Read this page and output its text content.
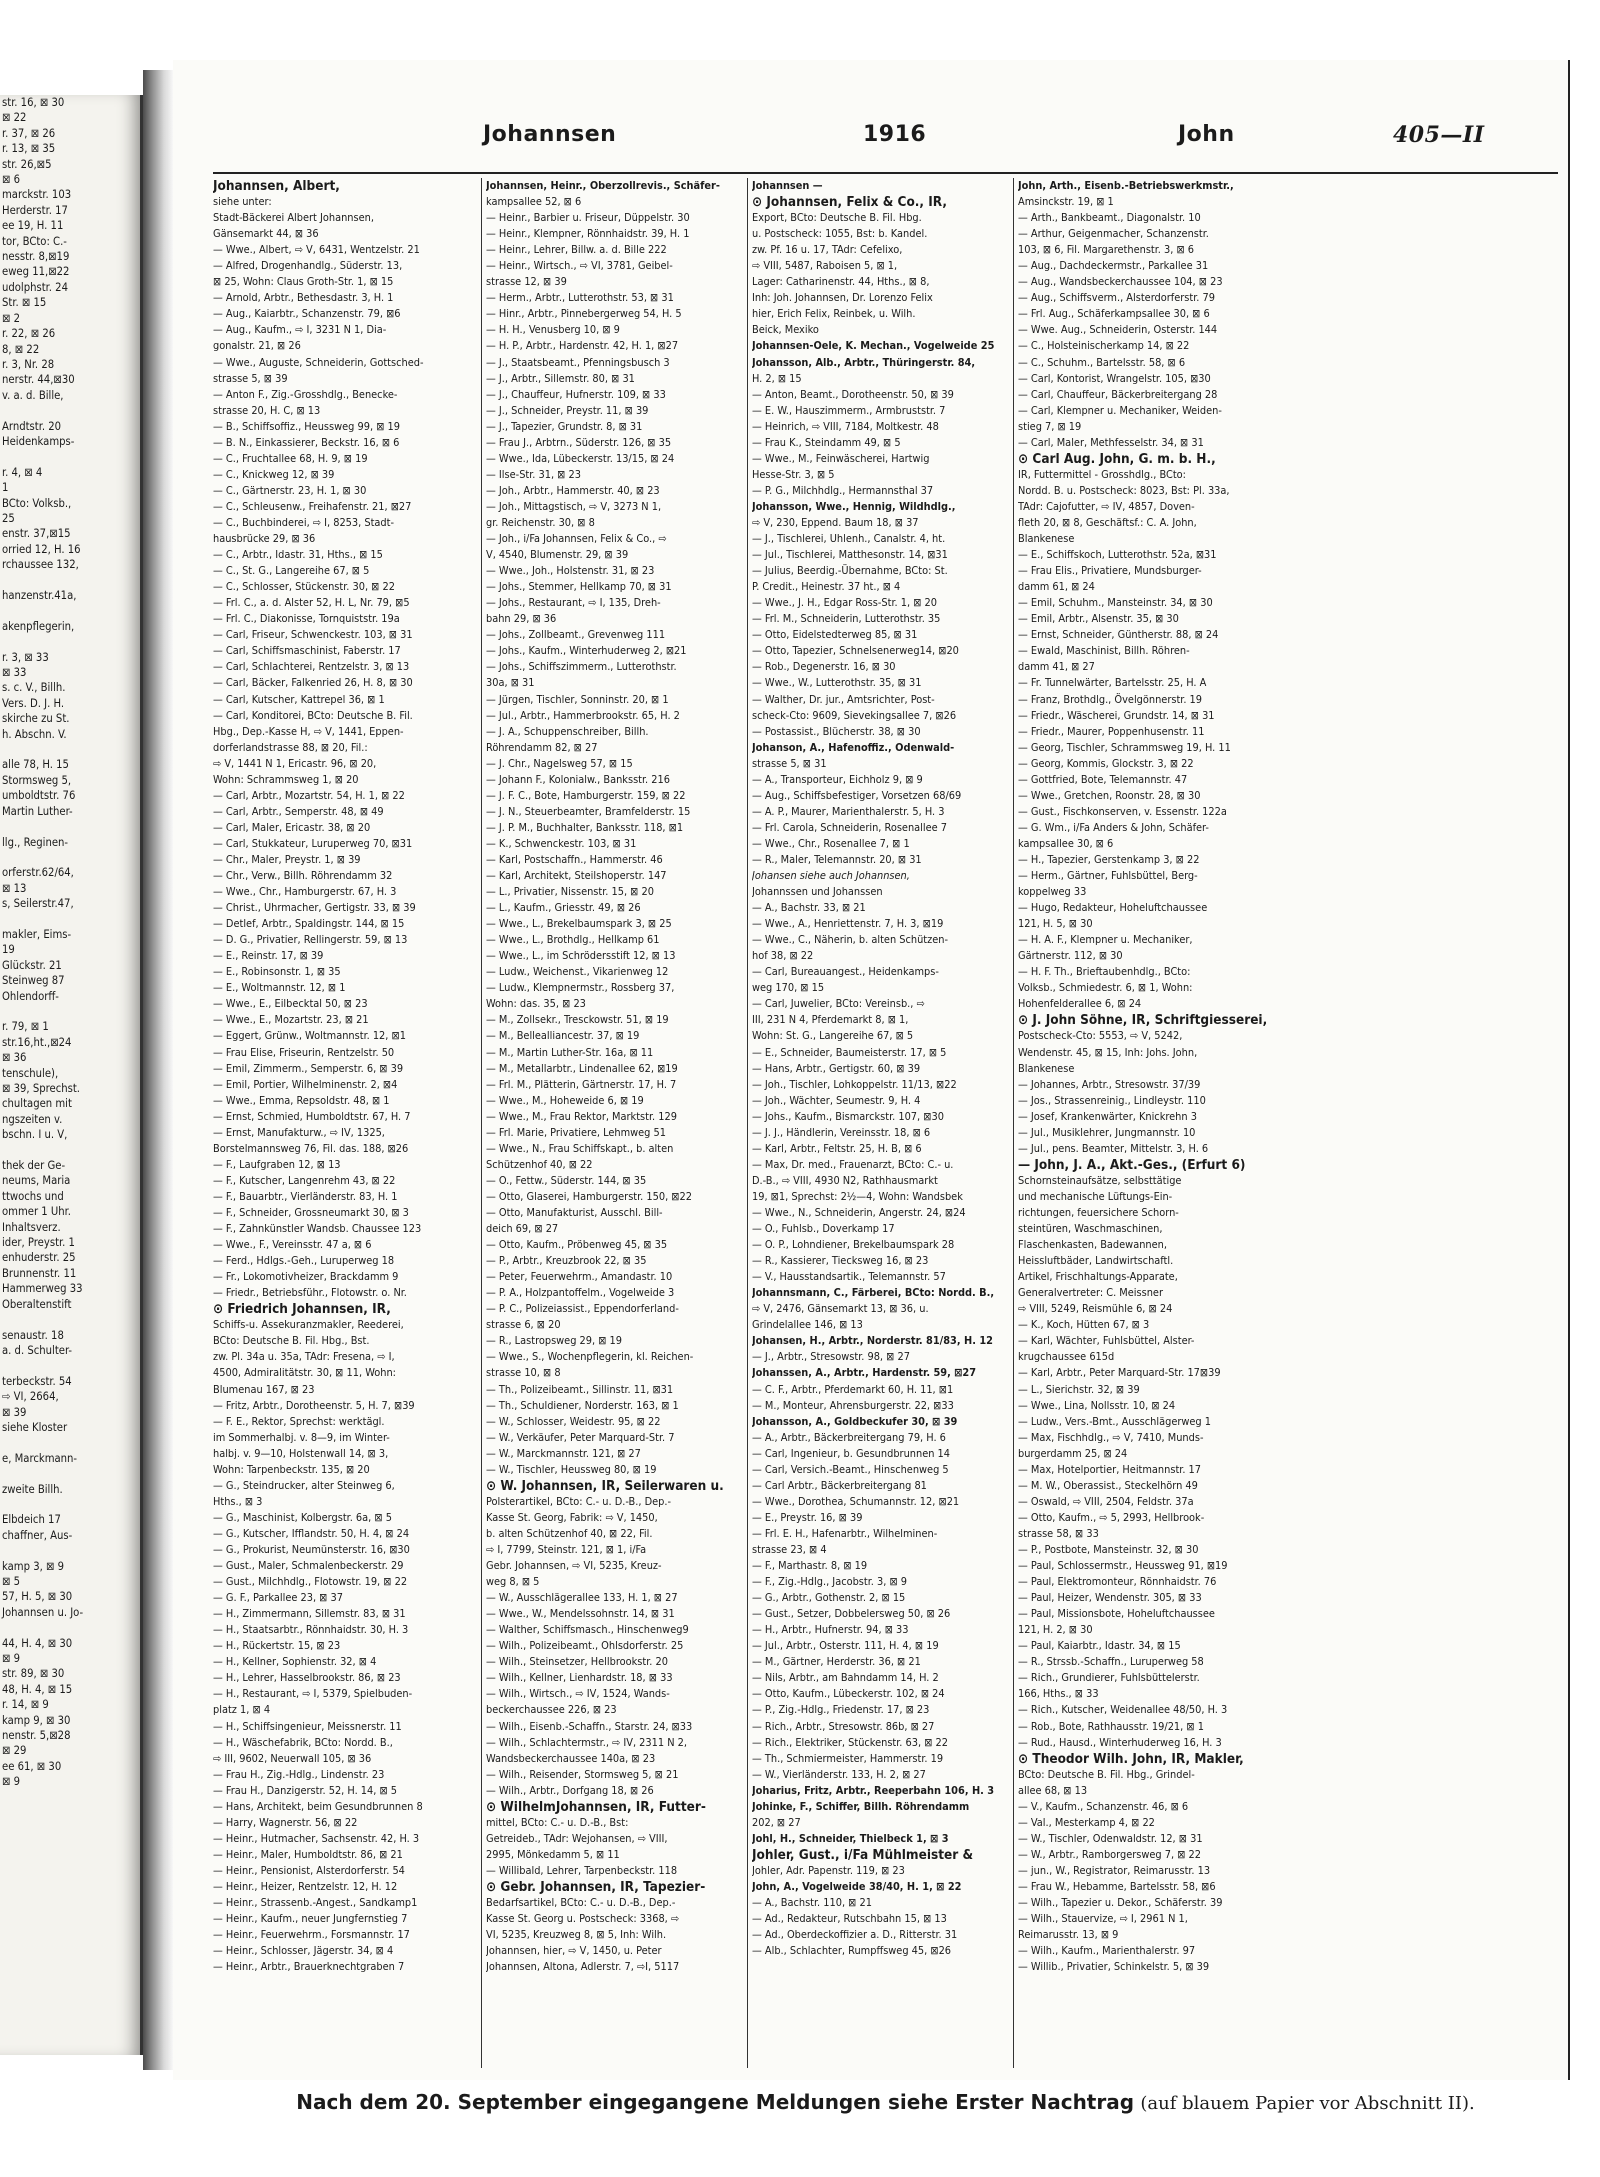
str. 16, ⊠ 30
⊠ 22
r. 37, ⊠ 26
r. 13, ⊠ 35
str. 26,⊠5
⊠ 6
marckstr. 103
Herderstr. 17
ee 19, H. 11
tor, BCto: C.-
nesstr. 8,⊠19
eweg 11,⊠22
udolphstr. 24
Str. ⊠ 15
⊠ 2
r. 22, ⊠ 26
8, ⊠ 22
r. 3, Nr. 28
nerstr. 44,⊠30
v. a. d. Bille,

Arndtstr. 20
Heidenkamps-

r. 4, ⊠ 4
1
BCto: Volksb.,
25
enstr. 37,⊠15
orried 12, H. 16
rchaussee 132,

hanzenstr.41a,

akenpflegerin,

r. 3, ⊠ 33
⊠ 33
s. c. V., Billh.
Vers. D. J. H.
skirche zu St.
h. Abschn. V.

alle 78, H. 15
Stormsweg 5,
umboldtstr. 76
Martin Luther-

llg., Reginen-

orferstr.62/64,
⊠ 13
s, Seilerstr.47,

makler, Eims-
19
Glückstr. 21
Steinweg 87
Ohlendorff-

r. 79, ⊠ 1
str.16,ht.,⊠24
⊠ 36
tenschule),
⊠ 39, Sprechst.
chultagen mit
ngszeiten v.
bschn. I u. V,

thek der Ge-
neums, Maria
ttwochs und
ommer 1 Uhr.
Inhaltsverz.
ider, Preystr. 1
enhuderstr. 25
Brunnenstr. 11
Hammerweg 33
Oberaltenstift

senaustr. 18
a. d. Schulter-

terbeckstr. 54
⇨ VI, 2664,
⊠ 39
siehe Kloster

e, Marckmann-

zweite Billh.

Elbdeich 17
chaffner, Aus-

kamp 3, ⊠ 9
⊠ 5
57, H. 5, ⊠ 30
Johannsen u. Jo-

44, H. 4, ⊠ 30
⊠ 9
str. 89, ⊠ 30
48, H. 4, ⊠ 15
r. 14, ⊠ 9
kamp 9, ⊠ 30
nenstr. 5,⊠28
⊠ 29
ee 61, ⊠ 30
⊠ 9
Johannsen	1916	John	405—II
Johannsen, Albert,
siehe unter:
Stadt-Bäckerei Albert Johannsen,
Gänsemarkt 44, ⊠ 36
— Wwe., Albert, ⇨ V, 6431, Wentzelstr. 21
— Alfred, Drogenhandlg., Süderstr. 13,
⊠ 25, Wohn: Claus Groth-Str. 1, ⊠ 15
— Arnold, Arbtr., Bethesdastr. 3, H. 1
— Aug., Kaiarbtr., Schanzenstr. 79, ⊠6
— Aug., Kaufm., ⇨ I, 3231 N 1, Dia-
gonalstr. 21, ⊠ 26
— Wwe., Auguste, Schneiderin, Gottsched-
strasse 5, ⊠ 39
— Anton F., Zig.-Grosshdlg., Benecke-
strasse 20, H. C, ⊠ 13
— B., Schiffsoffiz., Heussweg 99, ⊠ 19
— B. N., Einkassierer, Beckstr. 16, ⊠ 6
— C., Fruchtallee 68, H. 9, ⊠ 19
— C., Knickweg 12, ⊠ 39
— C., Gärtnerstr. 23, H. 1, ⊠ 30
— C., Schleusenw., Freihafenstr. 21, ⊠27
— C., Buchbinderei, ⇨ I, 8253, Stadt-
hausbrücke 29, ⊠ 36
— C., Arbtr., Idastr. 31, Hths., ⊠ 15
— C., St. G., Langereihe 67, ⊠ 5
— C., Schlosser, Stückenstr. 30, ⊠ 22
— Frl. C., a. d. Alster 52, H. L, Nr. 79, ⊠5
— Frl. C., Diakonisse, Tornquiststr. 19a
— Carl, Friseur, Schwenckestr. 103, ⊠ 31
— Carl, Schiffsmaschinist, Faberstr. 17
— Carl, Schlachterei, Rentzelstr. 3, ⊠ 13
— Carl, Bäcker, Falkenried 26, H. 8, ⊠ 30
— Carl, Kutscher, Kattrepel 36, ⊠ 1
— Carl, Konditorei, BCto: Deutsche B. Fil.
Hbg., Dep.-Kasse H, ⇨ V, 1441, Eppen-
dorferlandstrasse 88, ⊠ 20, Fil.:
⇨ V, 1441 N 1, Ericastr. 96, ⊠ 20,
Wohn: Schrammsweg 1, ⊠ 20
— Carl, Arbtr., Mozartstr. 54, H. 1, ⊠ 22
— Carl, Arbtr., Semperstr. 48, ⊠ 49
— Carl, Maler, Ericastr. 38, ⊠ 20
— Carl, Stukkateur, Luruperweg 70, ⊠31
— Chr., Maler, Preystr. 1, ⊠ 39
— Chr., Verw., Billh. Röhrendamm 32
— Wwe., Chr., Hamburgerstr. 67, H. 3
— Christ., Uhrmacher, Gertigstr. 33, ⊠ 39
— Detlef, Arbtr., Spaldingstr. 144, ⊠ 15
— D. G., Privatier, Rellingerstr. 59, ⊠ 13
— E., Reinstr. 17, ⊠ 39
— E., Robinsonstr. 1, ⊠ 35
— E., Woltmannstr. 12, ⊠ 1
— Wwe., E., Eilbecktal 50, ⊠ 23
— Wwe., E., Mozartstr. 23, ⊠ 21
— Eggert, Grünw., Woltmannstr. 12, ⊠1
— Frau Elise, Friseurin, Rentzelstr. 50
— Emil, Zimmerm., Semperstr. 6, ⊠ 39
— Emil, Portier, Wilhelminenstr. 2, ⊠4
— Wwe., Emma, Repsoldstr. 48, ⊠ 1
— Ernst, Schmied, Humboldtstr. 67, H. 7
— Ernst, Manufakturw., ⇨ IV, 1325,
Borstelmannsweg 76, Fil. das. 188, ⊠26
— F., Laufgraben 12, ⊠ 13
— F., Kutscher, Langenrehm 43, ⊠ 22
— F., Bauarbtr., Vierländerstr. 83, H. 1
— F., Schneider, Grossneumarkt 30, ⊠ 3
— F., Zahnkünstler Wandsb. Chaussee 123
— Wwe., F., Vereinsstr. 47 a, ⊠ 6
— Ferd., Hdlgs.-Geh., Luruperweg 18
— Fr., Lokomotivheizer, Brackdamm 9
— Friedr., Betriebsführ., Flotowstr. o. Nr.
⊙ Friedrich Johannsen, IR,
Schiffs-u. Assekuranzmakler, Reederei,
BCto: Deutsche B. Fil. Hbg., Bst.
zw. Pl. 34a u. 35a, TAdr: Fresena, ⇨ I,
4500, Admiralitätstr. 30, ⊠ 11, Wohn:
Blumenau 167, ⊠ 23
— Fritz, Arbtr., Dorotheenstr. 5, H. 7, ⊠39
— F. E., Rektor, Sprechst: werktägl.
im Sommerhalbj. v. 8—9, im Winter-
halbj. v. 9—10, Holstenwall 14, ⊠ 3,
Wohn: Tarpenbeckstr. 135, ⊠ 20
— G., Steindrucker, alter Steinweg 6,
Hths., ⊠ 3
— G., Maschinist, Kolbergstr. 6a, ⊠ 5
— G., Kutscher, Ifflandstr. 50, H. 4, ⊠ 24
— G., Prokurist, Neumünsterstr. 16, ⊠30
— Gust., Maler, Schmalenbeckerstr. 29
— Gust., Milchhdlg., Flotowstr. 19, ⊠ 22
— G. F., Parkallee 23, ⊠ 37
— H., Zimmermann, Sillemstr. 83, ⊠ 31
— H., Staatsarbtr., Rönnhaidstr. 30, H. 3
— H., Rückertstr. 15, ⊠ 23
— H., Kellner, Sophienstr. 32, ⊠ 4
— H., Lehrer, Hasselbrookstr. 86, ⊠ 23
— H., Restaurant, ⇨ I, 5379, Spielbuden-
platz 1, ⊠ 4
— H., Schiffsingenieur, Meissnerstr. 11
— H., Wäschefabrik, BCto: Nordd. B.,
⇨ III, 9602, Neuerwall 105, ⊠ 36
— Frau H., Zig.-Hdlg., Lindenstr. 23
— Frau H., Danzigerstr. 52, H. 14, ⊠ 5
— Hans, Architekt, beim Gesundbrunnen 8
— Harry, Wagnerstr. 56, ⊠ 22
— Heinr., Hutmacher, Sachsenstr. 42, H. 3
— Heinr., Maler, Humboldtstr. 86, ⊠ 21
— Heinr., Pensionist, Alsterdorferstr. 54
— Heinr., Heizer, Rentzelstr. 12, H. 12
— Heinr., Strassenb.-Angest., Sandkamp1
— Heinr., Kaufm., neuer Jungfernstieg 7
— Heinr., Feuerwehrm., Forsmannstr. 17
— Heinr., Schlosser, Jägerstr. 34, ⊠ 4
— Heinr., Arbtr., Brauerknechtgraben 7
Johannsen, Heinr., Oberzollrevis., Schäfer-
kampsallee 52, ⊠ 6
— Heinr., Barbier u. Friseur, Düppelstr. 30
— Heinr., Klempner, Rönnhaidstr. 39, H. 1
— Heinr., Lehrer, Billw. a. d. Bille 222
— Heinr., Wirtsch., ⇨ VI, 3781, Geibel-
strasse 12, ⊠ 39
— Herm., Arbtr., Lutterothstr. 53, ⊠ 31
— Hinr., Arbtr., Pinnebergerweg 54, H. 5
— H. H., Venusberg 10, ⊠ 9
— H. P., Arbtr., Hardenstr. 42, H. 1, ⊠27
— J., Staatsbeamt., Pfenningsbusch 3
— J., Arbtr., Sillemstr. 80, ⊠ 31
— J., Chauffeur, Hufnerstr. 109, ⊠ 33
— J., Schneider, Preystr. 11, ⊠ 39
— J., Tapezier, Grundstr. 8, ⊠ 31
— Frau J., Arbtrn., Süderstr. 126, ⊠ 35
— Wwe., Ida, Lübeckerstr. 13/15, ⊠ 24
— Ilse-Str. 31, ⊠ 23
— Joh., Arbtr., Hammerstr. 40, ⊠ 23
— Joh., Mittagstisch, ⇨ V, 3273 N 1,
gr. Reichenstr. 30, ⊠ 8
— Joh., i/Fa Johannsen, Felix & Co., ⇨
V, 4540, Blumenstr. 29, ⊠ 39
— Wwe., Joh., Holstenstr. 31, ⊠ 23
— Johs., Stemmer, Hellkamp 70, ⊠ 31
— Johs., Restaurant, ⇨ I, 135, Dreh-
bahn 29, ⊠ 36
— Johs., Zollbeamt., Grevenweg 111
— Johs., Kaufm., Winterhuderweg 2, ⊠21
— Johs., Schiffszimmerm., Lutterothstr.
30a, ⊠ 31
— Jürgen, Tischler, Sonninstr. 20, ⊠ 1
— Jul., Arbtr., Hammerbrookstr. 65, H. 2
— J. A., Schuppenschreiber, Billh.
Röhrendamm 82, ⊠ 27
— J. Chr., Nagelsweg 57, ⊠ 15
— Johann F., Kolonialw., Banksstr. 216
— J. F. C., Bote, Hamburgerstr. 159, ⊠ 22
— J. N., Steuerbeamter, Bramfelderstr. 15
— J. P. M., Buchhalter, Banksstr. 118, ⊠1
— K., Schwenckestr. 103, ⊠ 31
— Karl, Postschaffn., Hammerstr. 46
— Karl, Architekt, Steilshoperstr. 147
— L., Privatier, Nissenstr. 15, ⊠ 20
— L., Kaufm., Griesstr. 49, ⊠ 26
— Wwe., L., Brekelbaumspark 3, ⊠ 25
— Wwe., L., Brothdlg., Hellkamp 61
— Wwe., L., im Schrödersstift 12, ⊠ 13
— Ludw., Weichenst., Vikarienweg 12
— Ludw., Klempnermstr., Rossberg 37,
Wohn: das. 35, ⊠ 23
— M., Zollsekr., Tresckowstr. 51, ⊠ 19
— M., Bellealliancestr. 37, ⊠ 19
— M., Martin Luther-Str. 16a, ⊠ 11
— M., Metallarbtr., Lindenallee 62, ⊠19
— Frl. M., Plätterin, Gärtnerstr. 17, H. 7
— Wwe., M., Hoheweide 6, ⊠ 19
— Wwe., M., Frau Rektor, Marktstr. 129
— Frl. Marie, Privatiere, Lehmweg 51
— Wwe., N., Frau Schiffskapt., b. alten
Schützenhof 40, ⊠ 22
— O., Fettw., Süderstr. 144, ⊠ 35
— Otto, Glaserei, Hamburgerstr. 150, ⊠22
— Otto, Manufakturist, Ausschl. Bill-
deich 69, ⊠ 27
— Otto, Kaufm., Pröbenweg 45, ⊠ 35
— P., Arbtr., Kreuzbrook 22, ⊠ 35
— Peter, Feuerwehrm., Amandastr. 10
— P. A., Holzpantoffelm., Vogelweide 3
— P. C., Polizeiassist., Eppendorferland-
strasse 6, ⊠ 20
— R., Lastropsweg 29, ⊠ 19
— Wwe., S., Wochenpflegerin, kl. Reichen-
strasse 10, ⊠ 8
— Th., Polizeibeamt., Sillinstr. 11, ⊠31
— Th., Schuldiener, Norderstr. 163, ⊠ 1
— W., Schlosser, Weidestr. 95, ⊠ 22
— W., Verkäufer, Peter Marquard-Str. 7
— W., Marckmannstr. 121, ⊠ 27
— W., Tischler, Heussweg 80, ⊠ 19
⊙ W. Johannsen, IR, Seilerwaren u.
Polsterartikel, BCto: C.- u. D.-B., Dep.-
Kasse St. Georg, Fabrik: ⇨ V, 1450,
b. alten Schützenhof 40, ⊠ 22, Fil.
⇨ I, 7799, Steinstr. 121, ⊠ 1, i/Fa
Gebr. Johannsen, ⇨ VI, 5235, Kreuz-
weg 8, ⊠ 5
— W., Ausschlägerallee 133, H. 1, ⊠ 27
— Wwe., W., Mendelssohnstr. 14, ⊠ 31
— Walther, Schiffsmasch., Hinschenweg9
— Wilh., Polizeibeamt., Ohlsdorferstr. 25
— Wilh., Steinsetzer, Hellbrookstr. 20
— Wilh., Kellner, Lienhardstr. 18, ⊠ 33
— Wilh., Wirtsch., ⇨ IV, 1524, Wands-
beckerchaussee 226, ⊠ 23
— Wilh., Eisenb.-Schaffn., Starstr. 24, ⊠33
— Wilh., Schlachtermstr., ⇨ IV, 2311 N 2,
Wandsbeckerchaussee 140a, ⊠ 23
— Wilh., Reisender, Stormsweg 5, ⊠ 21
— Wilh., Arbtr., Dorfgang 18, ⊠ 26
⊙ WilhelmJohannsen, IR, Futter-
mittel, BCto: C.- u. D.-B., Bst:
Getreideb., TAdr: Wejohansen, ⇨ VIII,
2995, Mönkedamm 5, ⊠ 11
— Willibald, Lehrer, Tarpenbeckstr. 118
⊙ Gebr. Johannsen, IR, Tapezier-
Bedarfsartikel, BCto: C.- u. D.-B., Dep.-
Kasse St. Georg u. Postscheck: 3368, ⇨
VI, 5235, Kreuzweg 8, ⊠ 5, Inh: Wilh.
Johannsen, hier, ⇨ V, 1450, u. Peter
Johannsen, Altona, Adlerstr. 7, ⇨I, 5117
Johannsen —
⊙ Johannsen, Felix & Co., IR,
Export, BCto: Deutsche B. Fil. Hbg.
u. Postscheck: 1055, Bst: b. Kandel.
zw. Pf. 16 u. 17, TAdr: Cefelixo,
⇨ VIII, 5487, Raboisen 5, ⊠ 1,
Lager: Catharinenstr. 44, Hths., ⊠ 8,
Inh: Joh. Johannsen, Dr. Lorenzo Felix
hier, Erich Felix, Reinbek, u. Wilh.
Beick, Mexiko
Johannsen-Oele, K. Mechan., Vogelweide 25
Johansson, Alb., Arbtr., Thüringerstr. 84,
H. 2, ⊠ 15
— Anton, Beamt., Dorotheenstr. 50, ⊠ 39
— E. W., Hauszimmerm., Armbruststr. 7
— Heinrich, ⇨ VIII, 7184, Moltkestr. 48
— Frau K., Steindamm 49, ⊠ 5
— Wwe., M., Feinwäscherei, Hartwig
Hesse-Str. 3, ⊠ 5
— P. G., Milchhdlg., Hermannsthal 37
Johansson, Wwe., Hennig, Wildhdlg.,
⇨ V, 230, Eppend. Baum 18, ⊠ 37
— J., Tischlerei, Uhlenh., Canalstr. 4, ht.
— Jul., Tischlerei, Matthesonstr. 14, ⊠31
— Julius, Beerdig.-Übernahme, BCto: St.
P. Credit., Heinestr. 37 ht., ⊠ 4
— Wwe., J. H., Edgar Ross-Str. 1, ⊠ 20
— Frl. M., Schneiderin, Lutterothstr. 35
— Otto, Eidelstedterweg 85, ⊠ 31
— Otto, Tapezier, Schnelsenerweg14, ⊠20
— Rob., Degenerstr. 16, ⊠ 30
— Wwe., W., Lutterothstr. 35, ⊠ 31
— Walther, Dr. jur., Amtsrichter, Post-
scheck-Cto: 9609, Sievekingsallee 7, ⊠26
— Postassist., Blücherstr. 38, ⊠ 30
Johanson, A., Hafenoffiz., Odenwald-
strasse 5, ⊠ 31
— A., Transporteur, Eichholz 9, ⊠ 9
— Aug., Schiffsbefestiger, Vorsetzen 68/69
— A. P., Maurer, Marienthalerstr. 5, H. 3
— Frl. Carola, Schneiderin, Rosenallee 7
— Wwe., Chr., Rosenallee 7, ⊠ 1
— R., Maler, Telemannstr. 20, ⊠ 31
Johansen siehe auch Johannsen,
Johannssen und Johanssen
— A., Bachstr. 33, ⊠ 21
— Wwe., A., Henriettenstr. 7, H. 3, ⊠19
— Wwe., C., Näherin, b. alten Schützen-
hof 38, ⊠ 22
— Carl, Bureauangest., Heidenkamps-
weg 170, ⊠ 15
— Carl, Juwelier, BCto: Vereinsb., ⇨
III, 231 N 4, Pferdemarkt 8, ⊠ 1,
Wohn: St. G., Langereihe 67, ⊠ 5
— E., Schneider, Baumeisterstr. 17, ⊠ 5
— Hans, Arbtr., Gertigstr. 60, ⊠ 39
— Joh., Tischler, Lohkoppelstr. 11/13, ⊠22
— Joh., Wächter, Seumestr. 9, H. 4
— Johs., Kaufm., Bismarckstr. 107, ⊠30
— J. J., Händlerin, Vereinsstr. 18, ⊠ 6
— Karl, Arbtr., Feltstr. 25, H. B, ⊠ 6
— Max, Dr. med., Frauenarzt, BCto: C.- u.
D.-B., ⇨ VIII, 4930 N2, Rathhausmarkt
19, ⊠1, Sprechst: 2½—4, Wohn: Wandsbek
— Wwe., N., Schneiderin, Angerstr. 24, ⊠24
— O., Fuhlsb., Doverkamp 17
— O. P., Lohndiener, Brekelbaumspark 28
— R., Kassierer, Tiecksweg 16, ⊠ 23
— V., Hausstandsartik., Telemannstr. 57
Johannsmann, C., Färberei, BCto: Nordd. B.,
⇨ V, 2476, Gänsemarkt 13, ⊠ 36, u.
Grindelallee 146, ⊠ 13
Johansen, H., Arbtr., Norderstr. 81/83, H. 12
— J., Arbtr., Stresowstr. 98, ⊠ 27
Johanssen, A., Arbtr., Hardenstr. 59, ⊠27
— C. F., Arbtr., Pferdemarkt 60, H. 11, ⊠1
— M., Monteur, Ahrensburgerstr. 22, ⊠33
Johansson, A., Goldbeckufer 30, ⊠ 39
— A., Arbtr., Bäckerbreitergang 79, H. 6
— Carl, Ingenieur, b. Gesundbrunnen 14
— Carl, Versich.-Beamt., Hinschenweg 5
— Carl Arbtr., Bäckerbreitergang 81
— Wwe., Dorothea, Schumannstr. 12, ⊠21
— E., Preystr. 16, ⊠ 39
— Frl. E. H., Hafenarbtr., Wilhelminen-
strasse 23, ⊠ 4
— F., Marthastr. 8, ⊠ 19
— F., Zig.-Hdlg., Jacobstr. 3, ⊠ 9
— G., Arbtr., Gothenstr. 2, ⊠ 15
— Gust., Setzer, Dobbelersweg 50, ⊠ 26
— H., Arbtr., Hufnerstr. 94, ⊠ 33
— Jul., Arbtr., Osterstr. 111, H. 4, ⊠ 19
— M., Gärtner, Herderstr. 36, ⊠ 21
— Nils, Arbtr., am Bahndamm 14, H. 2
— Otto, Kaufm., Lübeckerstr. 102, ⊠ 24
— P., Zig.-Hdlg., Friedenstr. 17, ⊠ 23
— Rich., Arbtr., Stresowstr. 86b, ⊠ 27
— Rich., Elektriker, Stückenstr. 63, ⊠ 22
— Th., Schmiermeister, Hammerstr. 19
— W., Vierländerstr. 133, H. 2, ⊠ 27
Joharius, Fritz, Arbtr., Reeperbahn 106, H. 3
Johinke, F., Schiffer, Billh. Röhrendamm
202, ⊠ 27
Johl, H., Schneider, Thielbeck 1, ⊠ 3
Johler, Gust., i/Fa Mühlmeister &
Johler, Adr. Papenstr. 119, ⊠ 23
John, A., Vogelweide 38/40, H. 1, ⊠ 22
— A., Bachstr. 110, ⊠ 21
— Ad., Redakteur, Rutschbahn 15, ⊠ 13
— Ad., Oberdeckoffizier a. D., Ritterstr. 31
— Alb., Schlachter, Rumpffsweg 45, ⊠26
John, Arth., Eisenb.-Betriebswerkmstr.,
Amsinckstr. 19, ⊠ 1
— Arth., Bankbeamt., Diagonalstr. 10
— Arthur, Geigenmacher, Schanzenstr.
103, ⊠ 6, Fil. Margarethenstr. 3, ⊠ 6
— Aug., Dachdeckermstr., Parkallee 31
— Aug., Wandsbeckerchaussee 104, ⊠ 23
— Aug., Schiffsverm., Alsterdorferstr. 79
— Frl. Aug., Schäferkampsallee 30, ⊠ 6
— Wwe. Aug., Schneiderin, Osterstr. 144
— C., Holsteinischerkamp 14, ⊠ 22
— C., Schuhm., Bartelsstr. 58, ⊠ 6
— Carl, Kontorist, Wrangelstr. 105, ⊠30
— Carl, Chauffeur, Bäckerbreitergang 28
— Carl, Klempner u. Mechaniker, Weiden-
stieg 7, ⊠ 19
— Carl, Maler, Methfesselstr. 34, ⊠ 31
⊙ Carl Aug. John, G. m. b. H.,
IR, Futtermittel - Grosshdlg., BCto:
Nordd. B. u. Postscheck: 8023, Bst: Pl. 33a,
TAdr: Cajofutter, ⇨ IV, 4857, Doven-
fleth 20, ⊠ 8, Geschäftsf.: C. A. John,
Blankenese
— E., Schiffskoch, Lutterothstr. 52a, ⊠31
— Frau Elis., Privatiere, Mundsburger-
damm 61, ⊠ 24
— Emil, Schuhm., Mansteinstr. 34, ⊠ 30
— Emil, Arbtr., Alsenstr. 35, ⊠ 30
— Ernst, Schneider, Güntherstr. 88, ⊠ 24
— Ewald, Maschinist, Billh. Röhren-
damm 41, ⊠ 27
— Fr. Tunnelwärter, Bartelsstr. 25, H. A
— Franz, Brothdlg., Övelgönnerstr. 19
— Friedr., Wäscherei, Grundstr. 14, ⊠ 31
— Friedr., Maurer, Poppenhusenstr. 11
— Georg, Tischler, Schrammsweg 19, H. 11
— Georg, Kommis, Glockstr. 3, ⊠ 22
— Gottfried, Bote, Telemannstr. 47
— Wwe., Gretchen, Roonstr. 28, ⊠ 30
— Gust., Fischkonserven, v. Essenstr. 122a
— G. Wm., i/Fa Anders & John, Schäfer-
kampsallee 30, ⊠ 6
— H., Tapezier, Gerstenkamp 3, ⊠ 22
— Herm., Gärtner, Fuhlsbüttel, Berg-
koppelweg 33
— Hugo, Redakteur, Hoheluftchaussee
121, H. 5, ⊠ 30
— H. A. F., Klempner u. Mechaniker,
Gärtnerstr. 112, ⊠ 30
— H. F. Th., Brieftaubenhdlg., BCto:
Volksb., Schmiedestr. 6, ⊠ 1, Wohn:
Hohenfelderallee 6, ⊠ 24
⊙ J. John Söhne, IR, Schriftgiesserei,
Postscheck-Cto: 5553, ⇨ V, 5242,
Wendenstr. 45, ⊠ 15, Inh: Johs. John,
Blankenese
— Johannes, Arbtr., Stresowstr. 37/39
— Jos., Strassenreinig., Lindleystr. 110
— Josef, Krankenwärter, Knickrehn 3
— Jul., Musiklehrer, Jungmannstr. 10
— Jul., pens. Beamter, Mittelstr. 3, H. 6
— John, J. A., Akt.-Ges., (Erfurt 6)
Schornsteinaufsätze, selbsttätige
und mechanische Lüftungs-Ein-
richtungen, feuersichere Schorn-
steintüren, Waschmaschinen,
Flaschenkasten, Badewannen,
Heissluftbäder, Landwirtschaftl.
Artikel, Frischhaltungs-Apparate,
Generalvertreter: C. Meissner
⇨ VIII, 5249, Reismühle 6, ⊠ 24
— K., Koch, Hütten 67, ⊠ 3
— Karl, Wächter, Fuhlsbüttel, Alster-
krugchaussee 615d
— Karl, Arbtr., Peter Marquard-Str. 17⊠39
— L., Sierichstr. 32, ⊠ 39
— Wwe., Lina, Nollsstr. 10, ⊠ 24
— Ludw., Vers.-Bmt., Ausschlägerweg 1
— Max, Fischhdlg., ⇨ V, 7410, Munds-
burgerdamm 25, ⊠ 24
— Max, Hotelportier, Heitmannstr. 17
— M. W., Oberassist., Steckelhörn 49
— Oswald, ⇨ VIII, 2504, Feldstr. 37a
— Otto, Kaufm., ⇨ 5, 2993, Hellbrook-
strasse 58, ⊠ 33
— P., Postbote, Mansteinstr. 32, ⊠ 30
— Paul, Schlossermstr., Heussweg 91, ⊠19
— Paul, Elektromonteur, Rönnhaidstr. 76
— Paul, Heizer, Wendenstr. 305, ⊠ 33
— Paul, Missionsbote, Hoheluftchaussee
121, H. 2, ⊠ 30
— Paul, Kaiarbtr., Idastr. 34, ⊠ 15
— R., Strssb.-Schaffn., Luruperweg 58
— Rich., Grundierer, Fuhlsbüttelerstr.
166, Hths., ⊠ 33
— Rich., Kutscher, Weidenallee 48/50, H. 3
— Rob., Bote, Rathhausstr. 19/21, ⊠ 1
— Rud., Hausd., Winterhuderweg 16, H. 3
⊙ Theodor Wilh. John, IR, Makler,
BCto: Deutsche B. Fil. Hbg., Grindel-
allee 68, ⊠ 13
— V., Kaufm., Schanzenstr. 46, ⊠ 6
— Val., Mesterkamp 4, ⊠ 22
— W., Tischler, Odenwaldstr. 12, ⊠ 31
— W., Arbtr., Ramborgersweg 7, ⊠ 22
— jun., W., Registrator, Reimarusstr. 13
— Frau W., Hebamme, Bartelsstr. 58, ⊠6
— Wilh., Tapezier u. Dekor., Schäferstr. 39
— Wilh., Stauervize, ⇨ I, 2961 N 1,
Reimarusstr. 13, ⊠ 9
— Wilh., Kaufm., Marienthalerstr. 97
— Willib., Privatier, Schinkelstr. 5, ⊠ 39
Nach dem 20. September eingegangene Meldungen siehe Erster Nachtrag (auf blauem Papier vor Abschnitt II).
